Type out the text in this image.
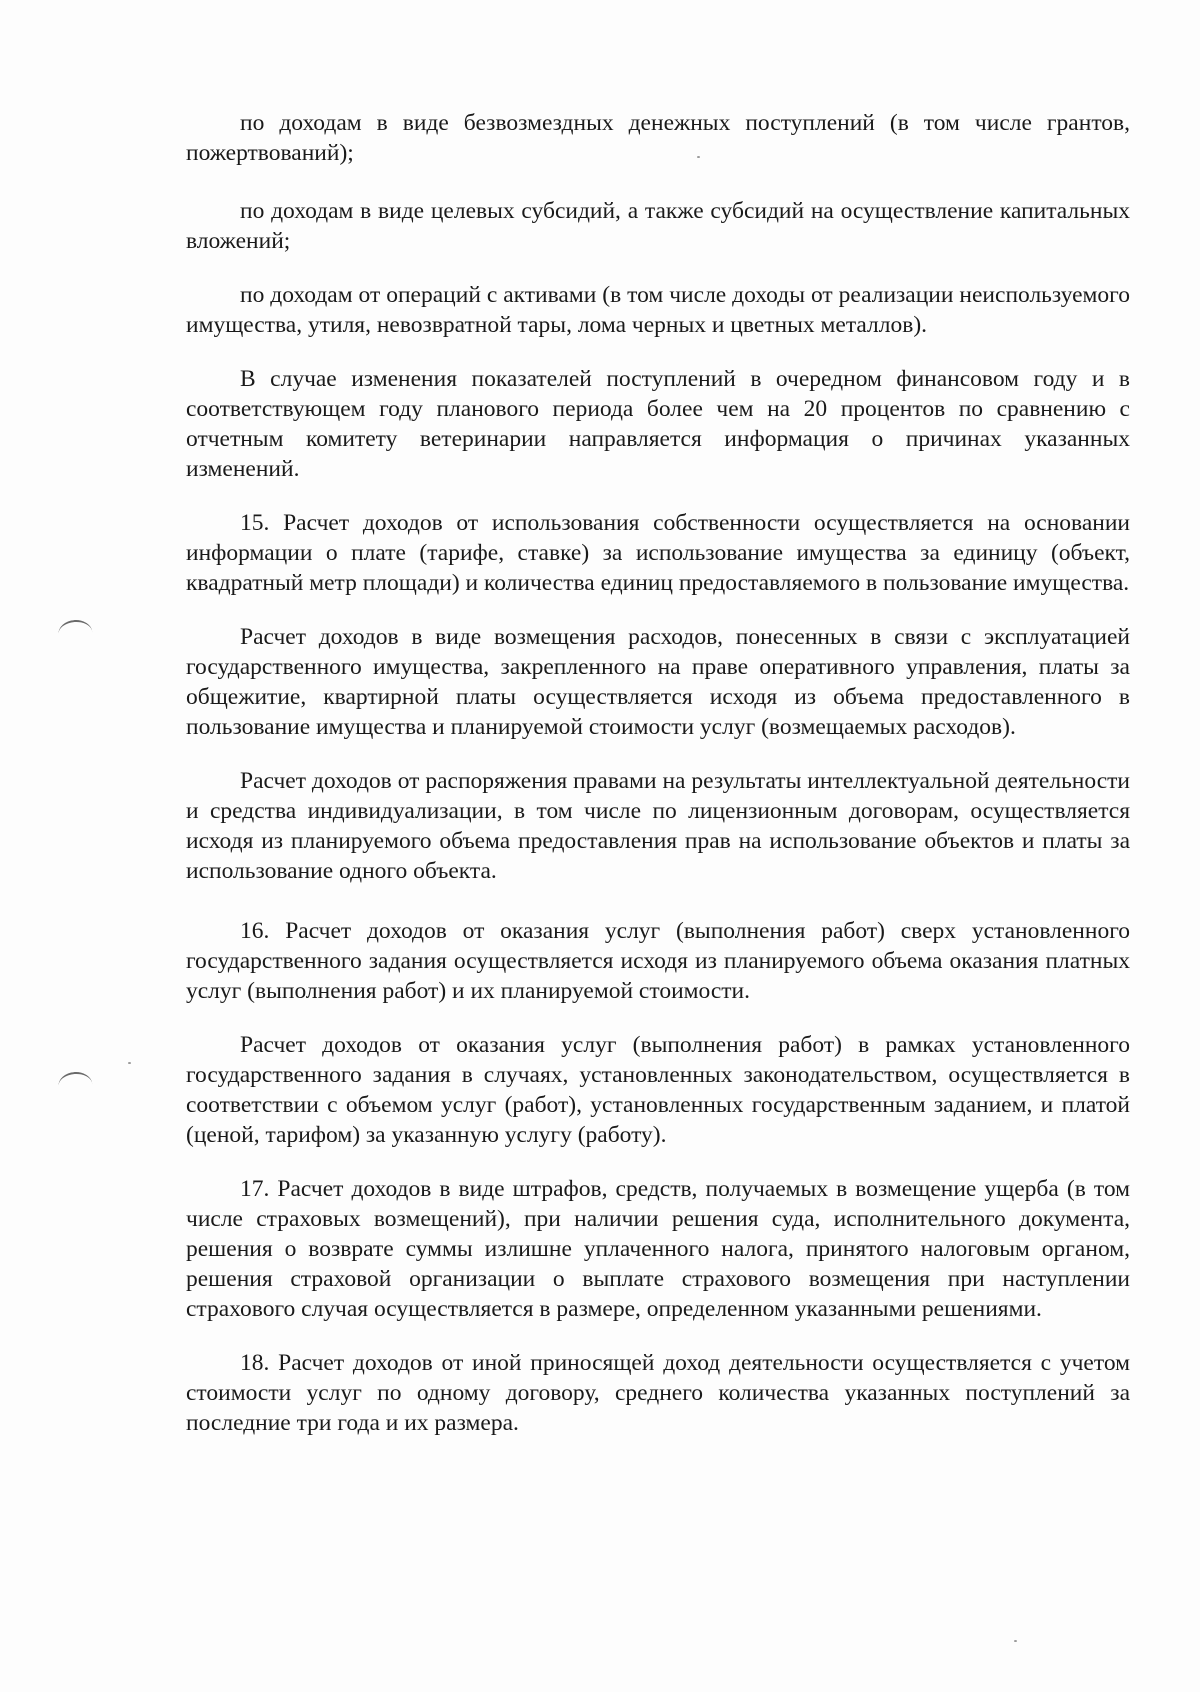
по доходам в виде безвозмездных денежных поступлений (в том числе грантов, пожертвований);

по доходам в виде целевых субсидий, а также субсидий на осуществление капитальных вложений;

по доходам от операций с активами (в том числе доходы от реализации неиспользуемого имущества, утиля, невозвратной тары, лома черных и цветных металлов).

В случае изменения показателей поступлений в очередном финансовом году и в соответствующем году планового периода более чем на 20 процентов по сравнению с отчетным комитету ветеринарии направляется информация о причинах указанных изменений.

15. Расчет доходов от использования собственности осуществляется на основании информации о плате (тарифе, ставке) за использование имущества за единицу (объект, квадратный метр площади) и количества единиц предоставляемого в пользование имущества.

Расчет доходов в виде возмещения расходов, понесенных в связи с эксплуатацией государственного имущества, закрепленного на праве оперативного управления, платы за общежитие, квартирной платы осуществляется исходя из объема предоставленного в пользование имущества и планируемой стоимости услуг (возмещаемых расходов).

Расчет доходов от распоряжения правами на результаты интеллектуальной деятельности и средства индивидуализации, в том числе по лицензионным договорам, осуществляется исходя из планируемого объема предоставления прав на использование объектов и платы за использование одного объекта.

16. Расчет доходов от оказания услуг (выполнения работ) сверх установленного государственного задания осуществляется исходя из планируемого объема оказания платных услуг (выполнения работ) и их планируемой стоимости.

Расчет доходов от оказания услуг (выполнения работ) в рамках установленного государственного задания в случаях, установленных законодательством, осуществляется в соответствии с объемом услуг (работ), установленных государственным заданием, и платой (ценой, тарифом) за указанную услугу (работу).

17. Расчет доходов в виде штрафов, средств, получаемых в возмещение ущерба (в том числе страховых возмещений), при наличии решения суда, исполнительного документа, решения о возврате суммы излишне уплаченного налога, принятого налоговым органом, решения страховой организации о выплате страхового возмещения при наступлении страхового случая осуществляется в размере, определенном указанными решениями.

18. Расчет доходов от иной приносящей доход деятельности осуществляется с учетом стоимости услуг по одному договору, среднего количества указанных поступлений за последние три года и их размера.
